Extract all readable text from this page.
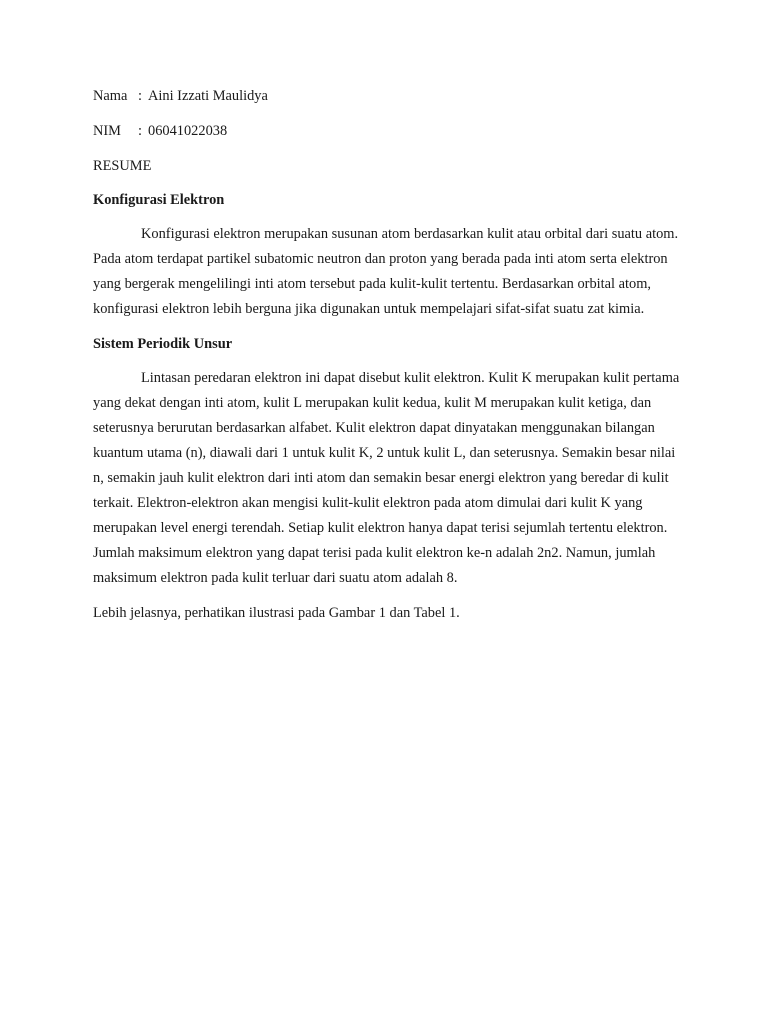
Nama : Aini Izzati Maulidya
NIM : 06041022038
RESUME
Konfigurasi Elektron

Konfigurasi elektron merupakan susunan atom berdasarkan kulit atau orbital dari suatu atom. Pada atom terdapat partikel subatomic neutron dan proton yang berada pada inti atom serta elektron yang bergerak mengelilingi inti atom tersebut pada kulit-kulit tertentu. Berdasarkan orbital atom, konfigurasi elektron lebih berguna jika digunakan untuk mempelajari sifat-sifat suatu zat kimia.

Sistem Periodik Unsur

Lintasan peredaran elektron ini dapat disebut kulit elektron. Kulit K merupakan kulit pertama yang dekat dengan inti atom, kulit L merupakan kulit kedua, kulit M merupakan kulit ketiga, dan seterusnya berurutan berdasarkan alfabet. Kulit elektron dapat dinyatakan menggunakan bilangan kuantum utama (n), diawali dari 1 untuk kulit K, 2 untuk kulit L, dan seterusnya. Semakin besar nilai n, semakin jauh kulit elektron dari inti atom dan semakin besar energi elektron yang beredar di kulit terkait. Elektron-elektron akan mengisi kulit-kulit elektron pada atom dimulai dari kulit K yang merupakan level energi terendah. Setiap kulit elektron hanya dapat terisi sejumlah tertentu elektron. Jumlah maksimum elektron yang dapat terisi pada kulit elektron ke-n adalah 2n2. Namun, jumlah maksimum elektron pada kulit terluar dari suatu atom adalah 8.

Lebih jelasnya, perhatikan ilustrasi pada Gambar 1 dan Tabel 1.
